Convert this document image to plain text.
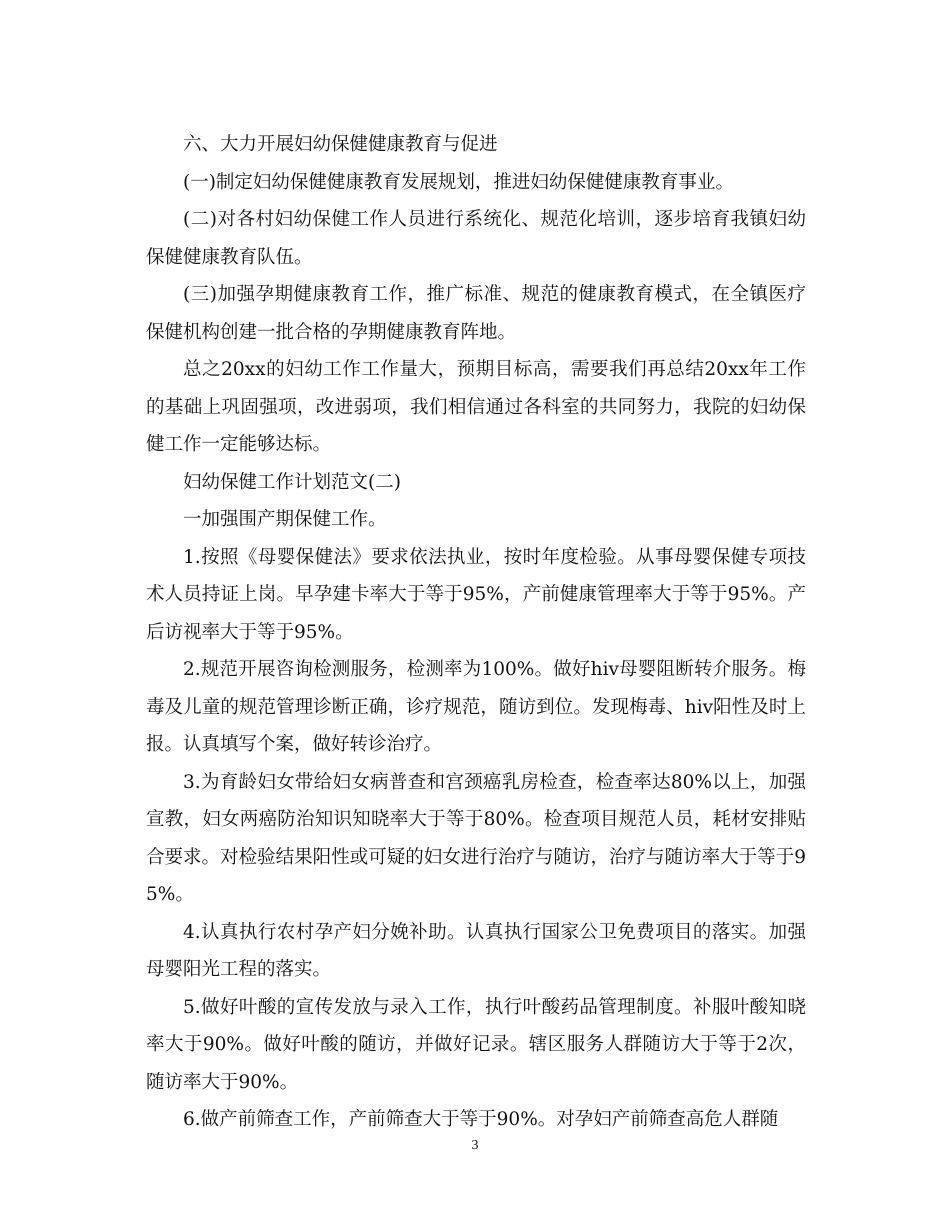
六、大力开展妇幼保健健康教育与促进

(一)制定妇幼保健健康教育发展规划，推进妇幼保健健康教育事业。

(二)对各村妇幼保健工作人员进行系统化、规范化培训，逐步培育我镇妇幼保健健康教育队伍。

(三)加强孕期健康教育工作，推广标准、规范的健康教育模式，在全镇医疗保健机构创建一批合格的孕期健康教育阵地。

总之20xx的妇幼工作工作量大，预期目标高，需要我们再总结20xx年工作的基础上巩固强项，改进弱项，我们相信通过各科室的共同努力，我院的妇幼保健工作一定能够达标。

妇幼保健工作计划范文(二)

一加强围产期保健工作。

1.按照《母婴保健法》要求依法执业，按时年度检验。从事母婴保健专项技术人员持证上岗。早孕建卡率大于等于95%，产前健康管理率大于等于95%。产后访视率大于等于95%。

2.规范开展咨询检测服务，检测率为100%。做好hiv母婴阻断转介服务。梅毒及儿童的规范管理诊断正确，诊疗规范，随访到位。发现梅毒、hiv阳性及时上报。认真填写个案，做好转诊治疗。

3.为育龄妇女带给妇女病普查和宫颈癌乳房检查，检查率达80%以上，加强宣教，妇女两癌防治知识知晓率大于等于80%。检查项目规范人员，耗材安排贴合要求。对检验结果阳性或可疑的妇女进行治疗与随访，治疗与随访率大于等于95%。

4.认真执行农村孕产妇分娩补助。认真执行国家公卫免费项目的落实。加强母婴阳光工程的落实。

5.做好叶酸的宣传发放与录入工作，执行叶酸药品管理制度。补服叶酸知晓率大于90%。做好叶酸的随访，并做好记录。辖区服务人群随访大于等于2次，随访率大于90%。

6.做产前筛查工作，产前筛查大于等于90%。对孕妇产前筛查高危人群随

3
